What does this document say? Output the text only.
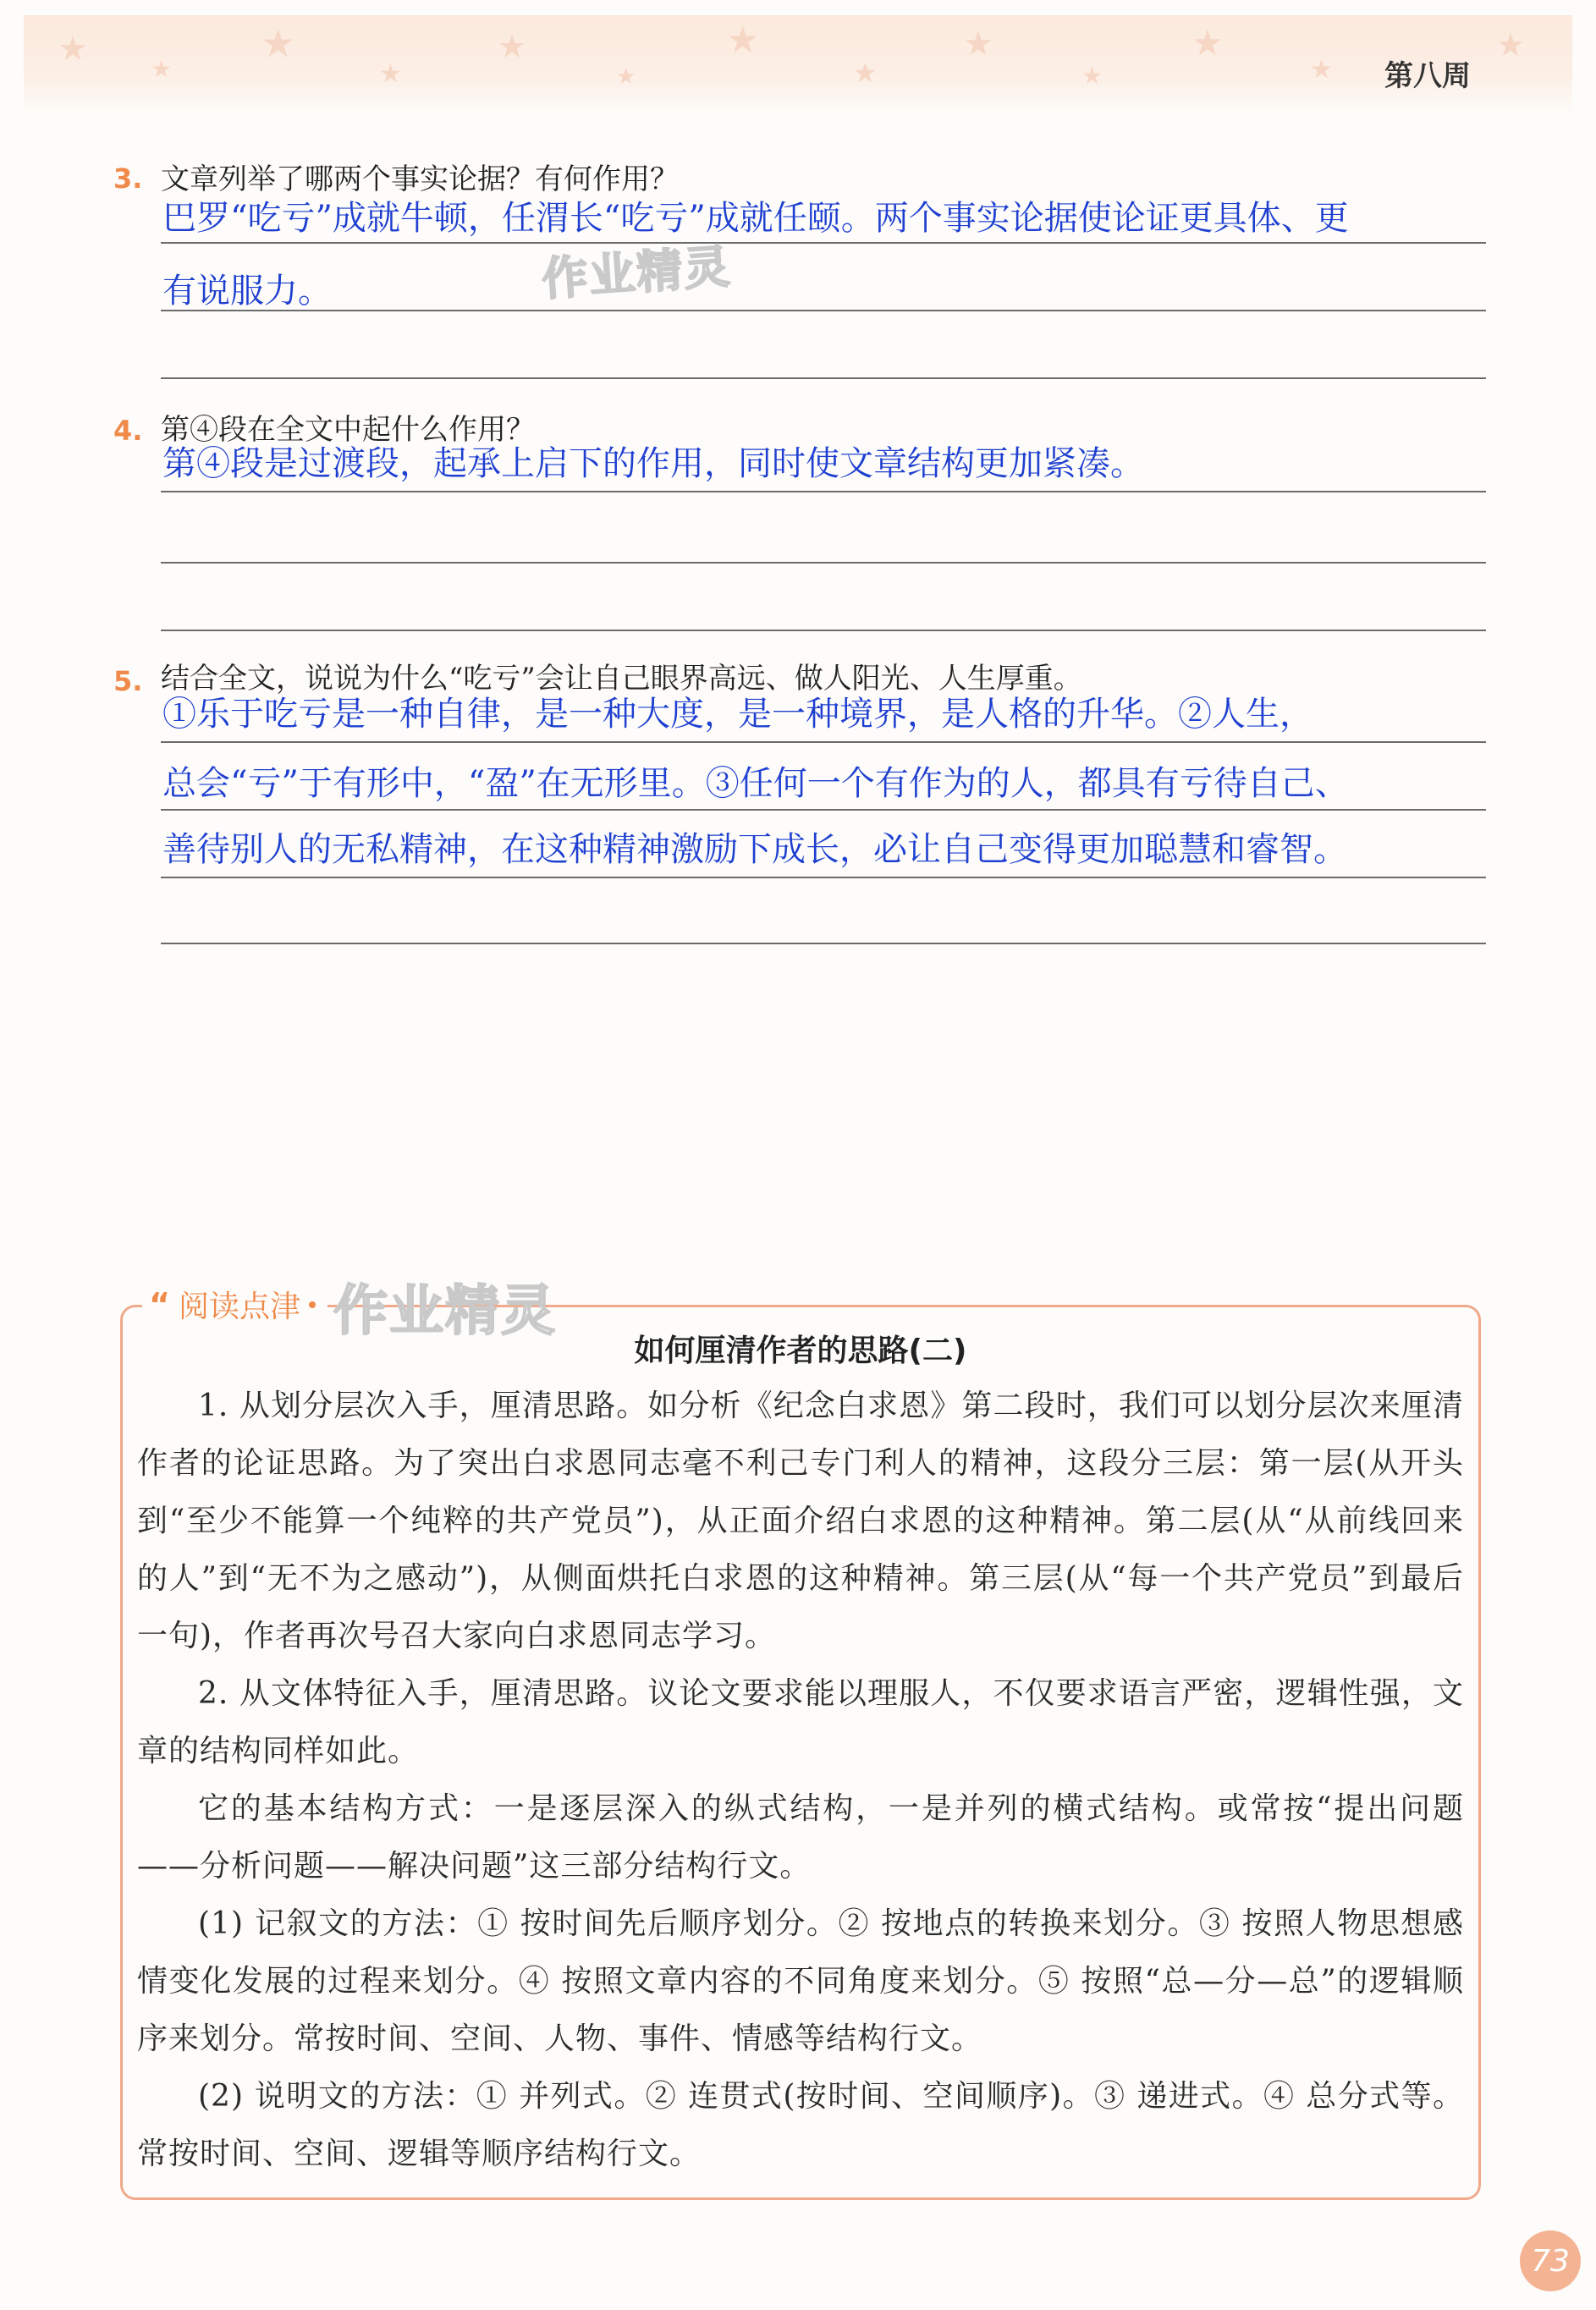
★
★
★
★
★
★
★
★
★
★
★
★
★
第八周
3. 文章列举了哪两个事实论据？有何作用？
巴罗“吃亏”成就牛顿，任渭长“吃亏”成就任颐。两个事实论据使论证更具体、更
有说服力。	作业精灵
4. 第④段在全文中起什么作用？
第④段是过渡段，起承上启下的作用，同时使文章结构更加紧凑。
5. 结合全文，说说为什么“吃亏”会让自己眼界高远、做人阳光、人生厚重。
①乐于吃亏是一种自律，是一种大度，是一种境界，是人格的升华。②人生，
总会“亏”于有形中，“盈”在无形里。③任何一个有作为的人，都具有亏待自己、
善待别人的无私精神，在这种精神激励下成长，必让自己变得更加聪慧和睿智。
“ 阅读点津 作业精灵
如何厘清作者的思路(二)

1. 从划分层次入手，厘清思路。如分析《纪念白求恩》第二段时，我们可以划分层次来厘清作者的论证思路。为了突出白求恩同志毫不利己专门利人的精神，这段分三层：第一层(从开头到“至少不能算一个纯粹的共产党员”)，从正面介绍白求恩的这种精神。第二层(从“从前线回来的人”到“无不为之感动”)，从侧面烘托白求恩的这种精神。第三层(从“每一个共产党员”到最后一句)，作者再次号召大家向白求恩同志学习。

2. 从文体特征入手，厘清思路。议论文要求能以理服人，不仅要求语言严密，逻辑性强，文章的结构同样如此。

它的基本结构方式：一是逐层深入的纵式结构，一是并列的横式结构。或常按“提出问题——分析问题——解决问题”这三部分结构行文。

(1) 记叙文的方法：① 按时间先后顺序划分。② 按地点的转换来划分。③ 按照人物思想感情变化发展的过程来划分。④ 按照文章内容的不同角度来划分。⑤ 按照“总—分—总”的逻辑顺序来划分。常按时间、空间、人物、事件、情感等结构行文。

(2) 说明文的方法：① 并列式。② 连贯式(按时间、空间顺序)。③ 递进式。④ 总分式等。常按时间、空间、逻辑等顺序结构行文。

73
